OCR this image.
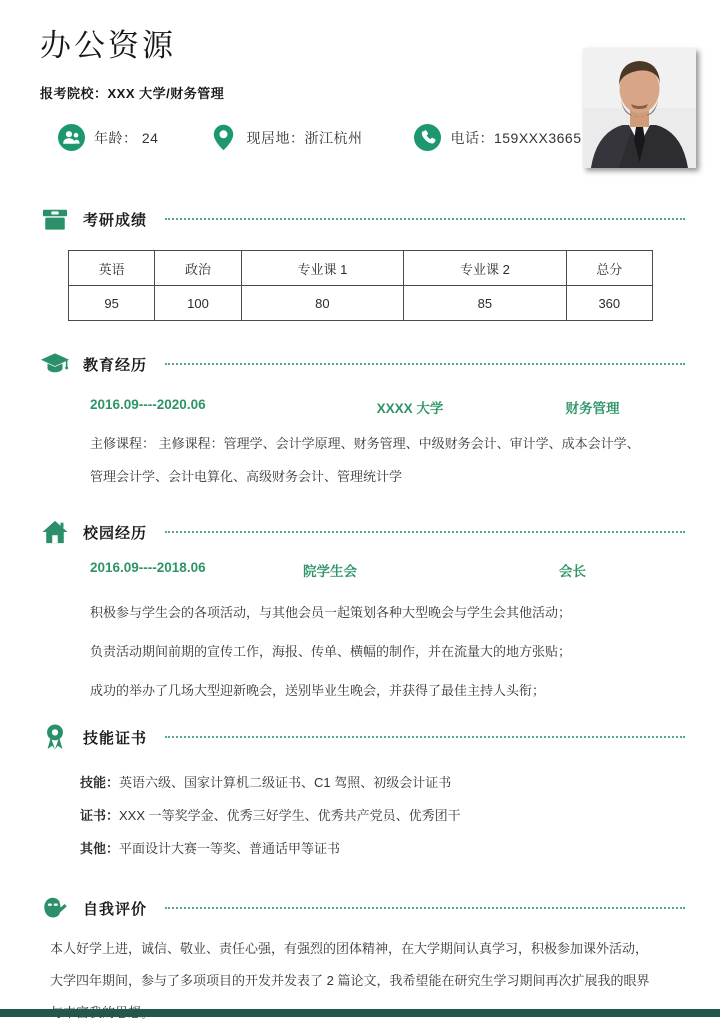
办公资源
报考院校：XXX 大学/财务管理
年龄： 24	现居地：浙江杭州	电话：159XXX3665
考研成绩
英语	政治	专业课 1	专业课 2	总分
95	100	80	85	360
教育经历
2016.09----2020.06	XXXX 大学	财务管理
主修课程： 主修课程：管理学、会计学原理、财务管理、中级财务会计、审计学、成本会计学、
管理会计学、会计电算化、高级财务会计、管理统计学
校园经历
2016.09----2018.06	院学生会	会长
积极参与学生会的各项活动，与其他会员一起策划各种大型晚会与学生会其他活动；
负责活动期间前期的宣传工作，海报、传单、横幅的制作，并在流量大的地方张贴；
成功的举办了几场大型迎新晚会，送别毕业生晚会，并获得了最佳主持人头衔；
技能证书
技能：英语六级、国家计算机二级证书、C1 驾照、初级会计证书
证书：XXX 一等奖学金、优秀三好学生、优秀共产党员、优秀团干
其他：平面设计大赛一等奖、普通话甲等证书
自我评价
本人好学上进，诚信、敬业、责任心强，有强烈的团体精神，在大学期间认真学习，积极参加课外活动，
大学四年期间，参与了多项项目的开发并发表了 2 篇论文，我希望能在研究生学习期间再次扩展我的眼界
